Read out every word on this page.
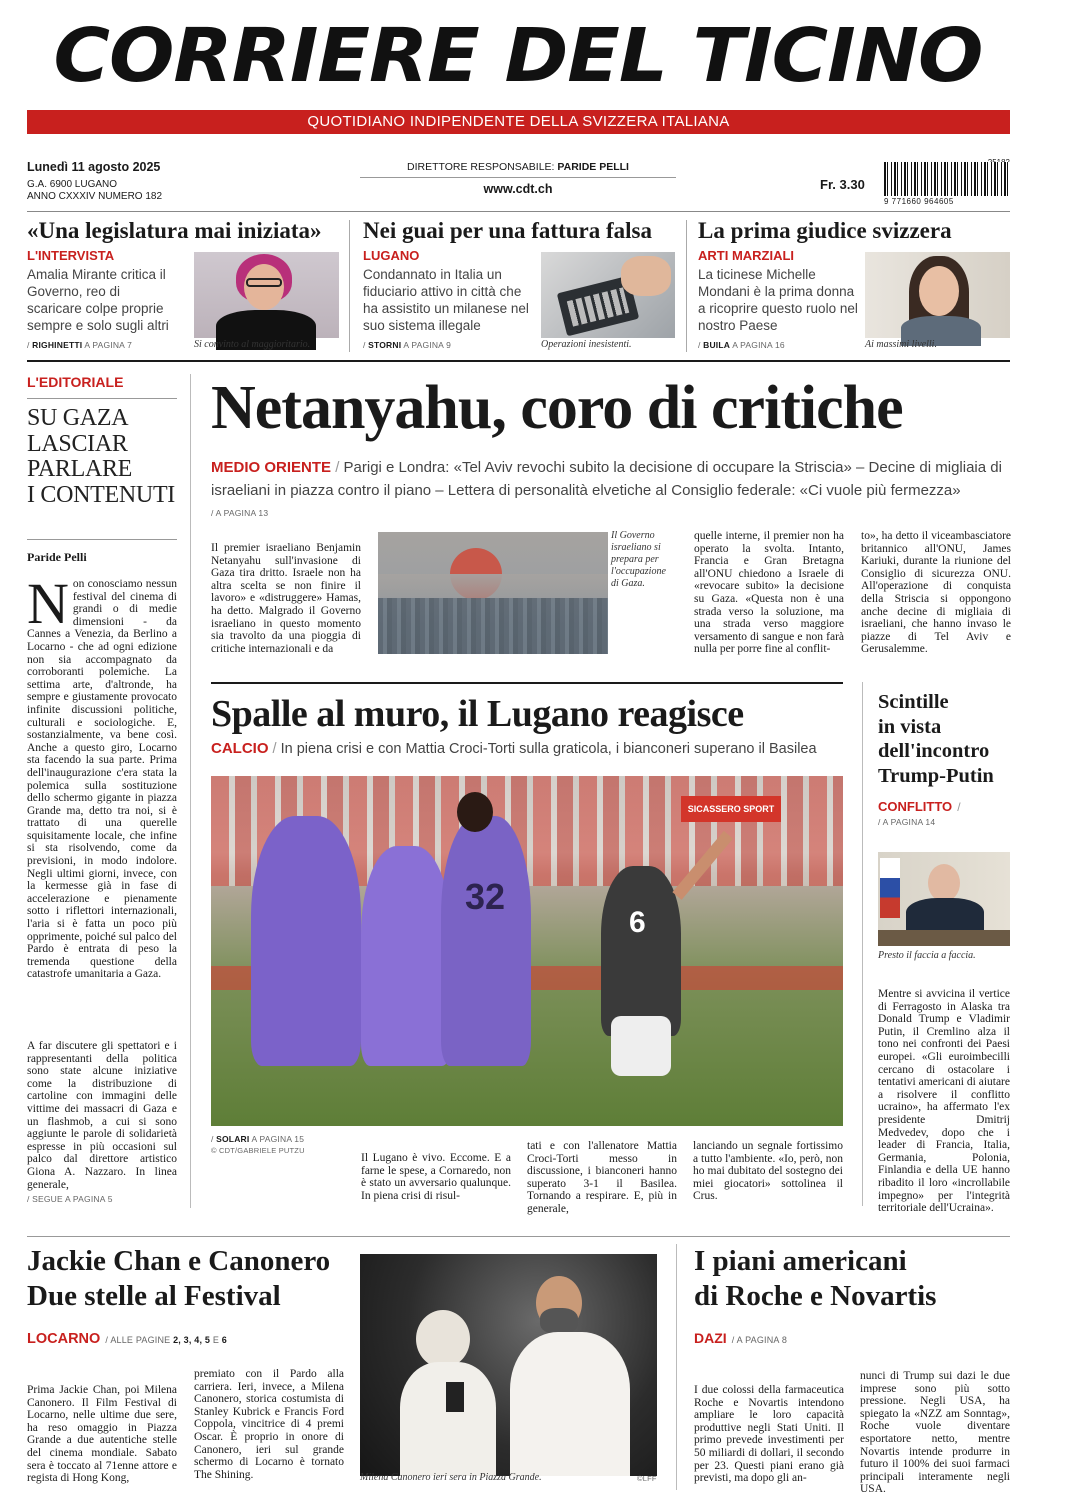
CORRIERE DEL TICINO
QUOTIDIANO INDIPENDENTE DELLA SVIZZERA ITALIANA
Lunedì 11 agosto 2025
G.A. 6900 LUGANO
ANNO CXXXIV NUMERO 182
DIRETTORE RESPONSABILE: PARIDE PELLI
www.cdt.ch	Fr. 3.30
9 771660 964605
«Una legislatura mai iniziata»
L'INTERVISTA
Amalia Mirante critica il Governo, reo di scaricare colpe proprie sempre e solo sugli altri
/ RIGHINETTI A PAGINA 7	Si convinto al maggioritario.
Nei guai per una fattura falsa
LUGANO
Condannato in Italia un fiduciario attivo in città che ha assistito un milanese nel suo sistema illegale
/ STORNI A PAGINA 9	Operazioni inesistenti.
La prima giudice svizzera
ARTI MARZIALI
La ticinese Michelle Mondani è la prima donna a ricoprire questo ruolo nel nostro Paese
/ BUILA A PAGINA 16	Ai massimi livelli.
L'EDITORIALE
SU GAZA
LASCIAR
PARLARE
I CONTENUTI
Paride Pelli
N on conosciamo nessun festival del cinema di grandi o di medie dimensioni - da Cannes a Venezia, da Berlino a Locarno - che ad ogni edizione non sia accompagnato da corroboranti polemiche. La settima arte, d'altronde, ha sempre e giustamente provocato infinite discussioni politiche, culturali e sociologiche. E, sostanzialmente, va bene così. Anche a questo giro, Locarno sta facendo la sua parte. Prima dell'inaugurazione c'era stata la polemica sulla sostituzione dello schermo gigante in piazza Grande ma, detto tra noi, si è trattato di una querelle squisitamente locale, che infine si sta risolvendo, come da previsioni, in modo indolore. Negli ultimi giorni, invece, con la kermesse già in fase di accelerazione e pienamente sotto i riflettori internazionali, l'aria si è fatta un poco più opprimente, poiché sul palco del Pardo è entrata di peso la tremenda questione della catastrofe umanitaria a Gaza.
A far discutere gli spettatori e i rappresentanti della politica sono state alcune iniziative come la distribuzione di cartoline con immagini delle vittime dei massacri di Gaza e un flashmob, a cui si sono aggiunte le parole di solidarietà espresse in più occasioni sul palco dal direttore artistico Giona A. Nazzaro. In linea generale,
/ SEGUE A PAGINA 5
Netanyahu, coro di critiche
MEDIO ORIENTE / Parigi e Londra: «Tel Aviv revochi subito la decisione di occupare la Striscia» – Decine di migliaia di israeliani in piazza contro il piano – Lettera di personalità elvetiche al Consiglio federale: «Ci vuole più fermezza»
/ A PAGINA 13
Il premier israeliano Benjamin Netanyahu sull'invasione di Gaza tira dritto. Israele non ha altra scelta se non finire il lavoro» e «distruggere» Hamas, ha detto. Malgrado il Governo israeliano in questo momento sia travolto da una pioggia di critiche internazionali e da
Il Governo israeliano si prepara per l'occupazione di Gaza.
quelle interne, il premier non ha operato la svolta. Intanto, Francia e Gran Bretagna all'ONU chiedono a Israele di «revocare subito» la decisione su Gaza. «Questa non è una strada verso la soluzione, ma una strada verso maggiore versamento di sangue e non farà nulla per porre fine al conflit-
to», ha detto il viceambasciatore britannico all'ONU, James Kariuki, durante la riunione del Consiglio di sicurezza ONU. All'operazione di conquista della Striscia si oppongono anche decine di migliaia di israeliani, che hanno invaso le piazze di Tel Aviv e Gerusalemme.
Spalle al muro, il Lugano reagisce
CALCIO / In piena crisi e con Mattia Croci-Torti sulla graticola, i bianconeri superano il Basilea
SICASSERO SPORT
32
6
/ SOLARI A PAGINA 15
© CDT/GABRIELE PUTZU
Il Lugano è vivo. Eccome. E a farne le spese, a Cornaredo, non è stato un avversario qualunque. In piena crisi di risul-
tati e con l'allenatore Mattia Croci-Torti messo in discussione, i bianconeri hanno superato 3-1 il Basilea. Tornando a respirare. E, più in generale,
lanciando un segnale fortissimo a tutto l'ambiente. «Io, però, non ho mai dubitato del sostegno dei miei giocatori» sottolinea il Crus.
Scintille
in vista
dell'incontro
Trump-Putin
CONFLITTO /
/ A PAGINA 14
Presto il faccia a faccia.
Mentre si avvicina il vertice di Ferragosto in Alaska tra Donald Trump e Vladimir Putin, il Cremlino alza il tono nei confronti dei Paesi europei. «Gli euroimbecilli cercano di ostacolare i tentativi americani di aiutare a risolvere il conflitto ucraino», ha affermato l'ex presidente Dmitrij Medvedev, dopo che i leader di Francia, Italia, Germania, Polonia, Finlandia e della UE hanno ribadito il loro «incrollabile impegno» per l'integrità territoriale dell'Ucraina».
Jackie Chan e Canonero
Due stelle al Festival
LOCARNO / ALLE PAGINE 2, 3, 4, 5 E 6
Prima Jackie Chan, poi Milena Canonero. Il Film Festival di Locarno, nelle ultime due sere, ha reso omaggio in Piazza Grande a due autentiche stelle del cinema mondiale. Sabato sera è toccato al 71enne attore e regista di Hong Kong,
premiato con il Pardo alla carriera. Ieri, invece, a Milena Canonero, storica costumista di Stanley Kubrick e Francis Ford Coppola, vincitrice di 4 premi Oscar. È proprio in onore di Canonero, ieri sul grande schermo di Locarno è tornato The Shining.	Milena Canonero ieri sera in Piazza Grande.	©LFF
I piani americani
di Roche e Novartis
DAZI / A PAGINA 8
I due colossi della farmaceutica Roche e Novartis intendono ampliare le loro capacità produttive negli Stati Uniti. Il primo prevede investimenti per 50 miliardi di dollari, il secondo per 23. Questi piani erano già previsti, ma dopo gli an-
nunci di Trump sui dazi le due imprese sono più sotto pressione. Negli USA, ha spiegato la «NZZ am Sonntag», Roche vuole diventare esportatore netto, mentre Novartis intende produrre in futuro il 100% dei suoi farmaci principali interamente negli USA.
